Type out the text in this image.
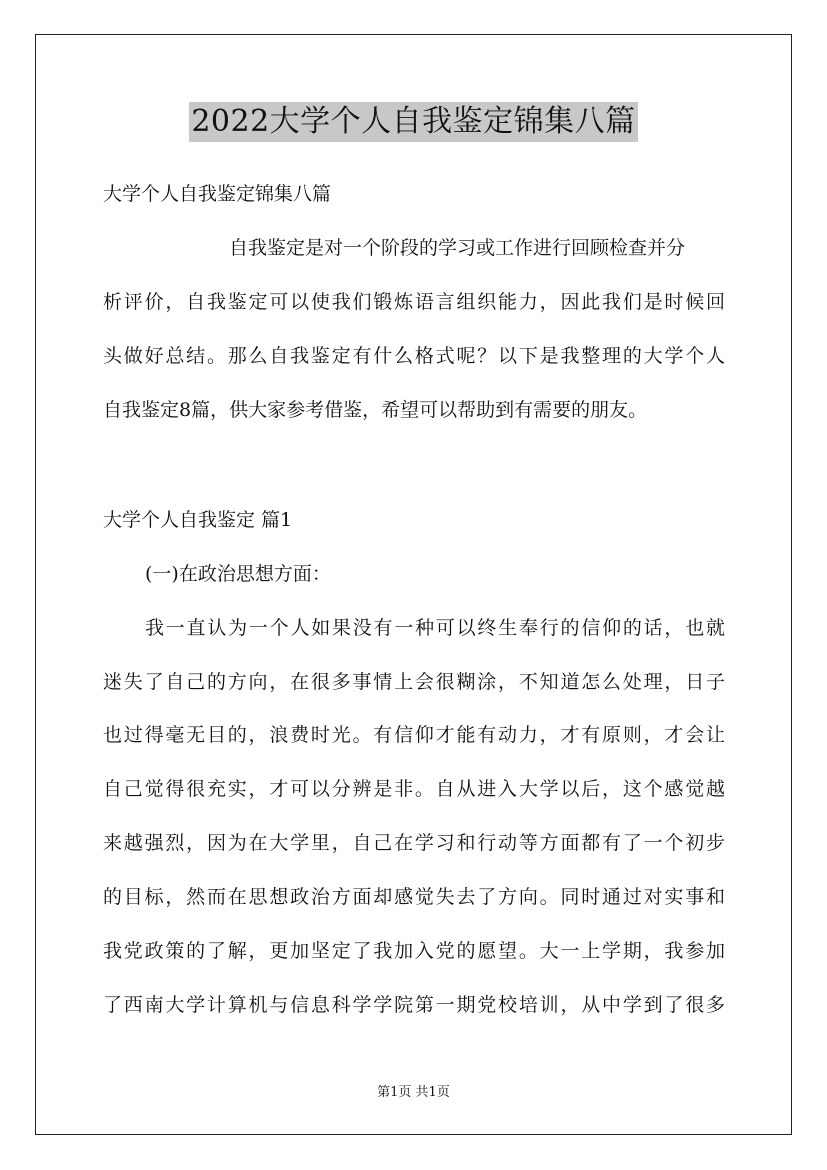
2022大学个人自我鉴定锦集八篇
大学个人自我鉴定锦集八篇
自我鉴定是对一个阶段的学习或工作进行回顾检查并分
析评价，自我鉴定可以使我们锻炼语言组织能力，因此我们是时候回
头做好总结。那么自我鉴定有什么格式呢？以下是我整理的大学个人
自我鉴定8篇，供大家参考借鉴，希望可以帮助到有需要的朋友。
大学个人自我鉴定 篇1
(一)在政治思想方面：
我一直认为一个人如果没有一种可以终生奉行的信仰的话，也就
迷失了自己的方向，在很多事情上会很糊涂，不知道怎么处理，日子
也过得毫无目的，浪费时光。有信仰才能有动力，才有原则，才会让
自己觉得很充实，才可以分辨是非。自从进入大学以后，这个感觉越
来越强烈，因为在大学里，自己在学习和行动等方面都有了一个初步
的目标，然而在思想政治方面却感觉失去了方向。同时通过对实事和
我党政策的了解，更加坚定了我加入党的愿望。大一上学期，我参加
了西南大学计算机与信息科学学院第一期党校培训，从中学到了很多
第1页 共1页
